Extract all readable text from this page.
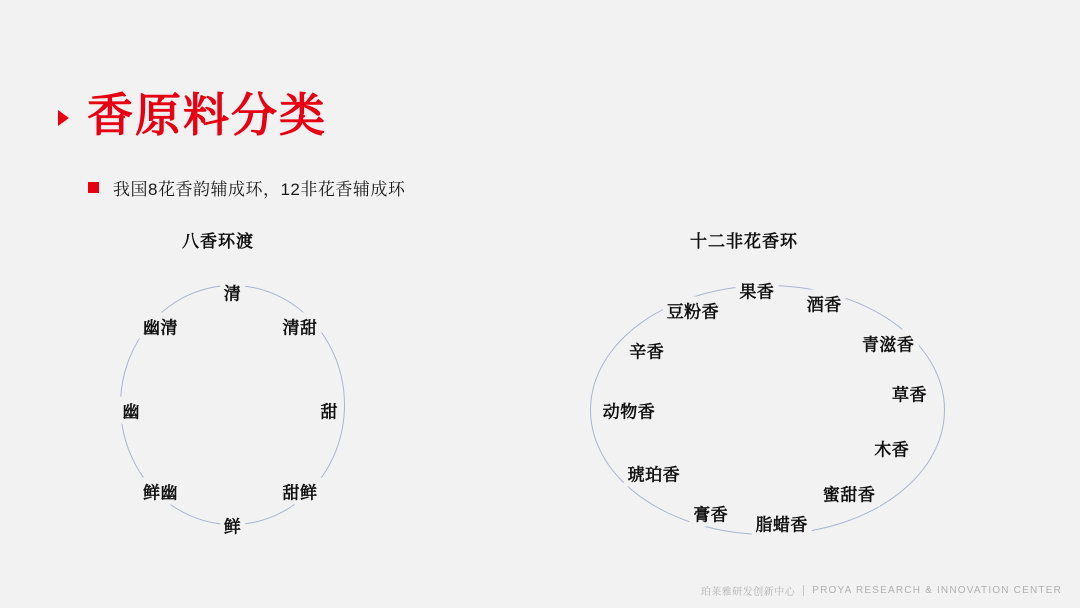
香原料分类
我国8花香韵辅成环，12非花香辅成环
八香环渡	十二非花香环
清
清甜
甜
甜鲜
鲜
鲜幽
幽
幽清
果香
酒香
青滋香
草香
木香
蜜甜香
脂蜡香
膏香
琥珀香
动物香
辛香
豆粉香
珀莱雅研发创新中心 PROYA RESEARCH & INNOVATION CENTER
